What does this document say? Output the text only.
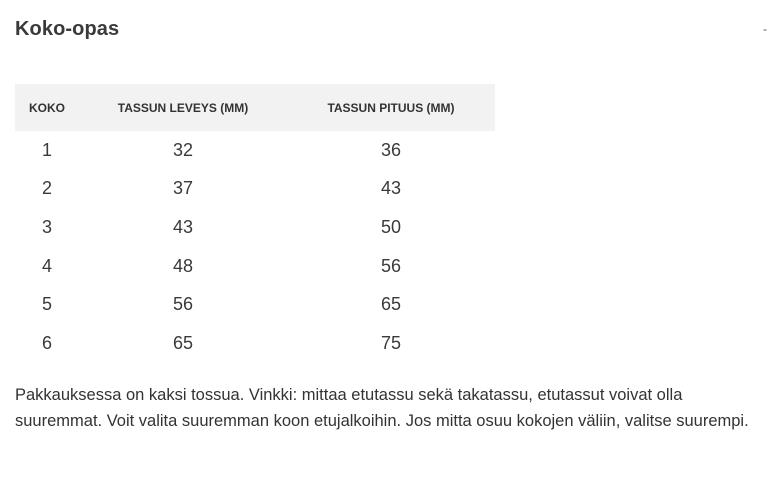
Koko-opas	-
KOKO	TASSUN LEVEYS (MM)	TASSUN PITUUS (MM)
1	32	36
2	37	43
3	43	50
4	48	56
5	56	65
6	65	75
Pakkauksessa on kaksi tossua. Vinkki: mittaa etutassu sekä takatassu, etutassut voivat olla suuremmat. Voit valita suuremman koon etujalkoihin. Jos mitta osuu kokojen väliin, valitse suurempi.
